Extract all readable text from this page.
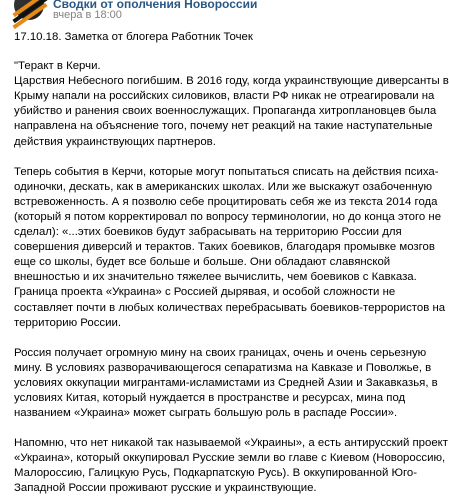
Сводки от ополчения Новороссии
вчера в 18:00

17.10.18. Заметка от блогера Работник Точек

"Теракт в Керчи.

Царствия Небесного погибшим. В 2016 году, когда украинствующие диверсанты в

Крыму напали на российских силовиков, власти РФ никак не отреагировали на

убийство и ранения своих военнослужащих. Пропаганда хитроплановцев была

направлена на объяснение того, почему нет реакций на такие наступательные

действия украинствующих партнеров.

Теперь события в Керчи, которые могут попытаться списать на действия психа-

одиночки, дескать, как в американских школах. Или же выскажут озабоченную

встревоженность. А я позволю себе процитировать себя же из текста 2014 года

(который я потом корректировал по вопросу терминологии, но до конца этого не

сделал): «...этих боевиков будут забрасывать на территорию России для

совершения диверсий и терактов. Таких боевиков, благодаря промывке мозгов

еще со школы, будет все больше и больше. Они обладают славянской

внешностью и их значительно тяжелее вычислить, чем боевиков с Кавказа.

Граница проекта «Украина» с Россией дырявая, и особой сложности не

составляет почти в любых количествах перебрасывать боевиков-террористов на

территорию России.

Россия получает огромную мину на своих границах, очень и очень серьезную

мину. В условиях разворачивающегося сепаратизма на Кавказе и Поволжье, в

условиях оккупации мигрантами-исламистами из Средней Азии и Закавказья, в

условиях Китая, который нуждается в пространстве и ресурсах, мина под

названием «Украина» может сыграть большую роль в распаде России».

Напомню, что нет никакой так называемой «Украины», а есть антирусский проект

«Украина», который оккупировал Русские земли во главе с Киевом (Новороссию,

Малороссию, Галицкую Русь, Подкарпатскую Русь). В оккупированной Юго-

Западной России проживают русские и украинствующие.
